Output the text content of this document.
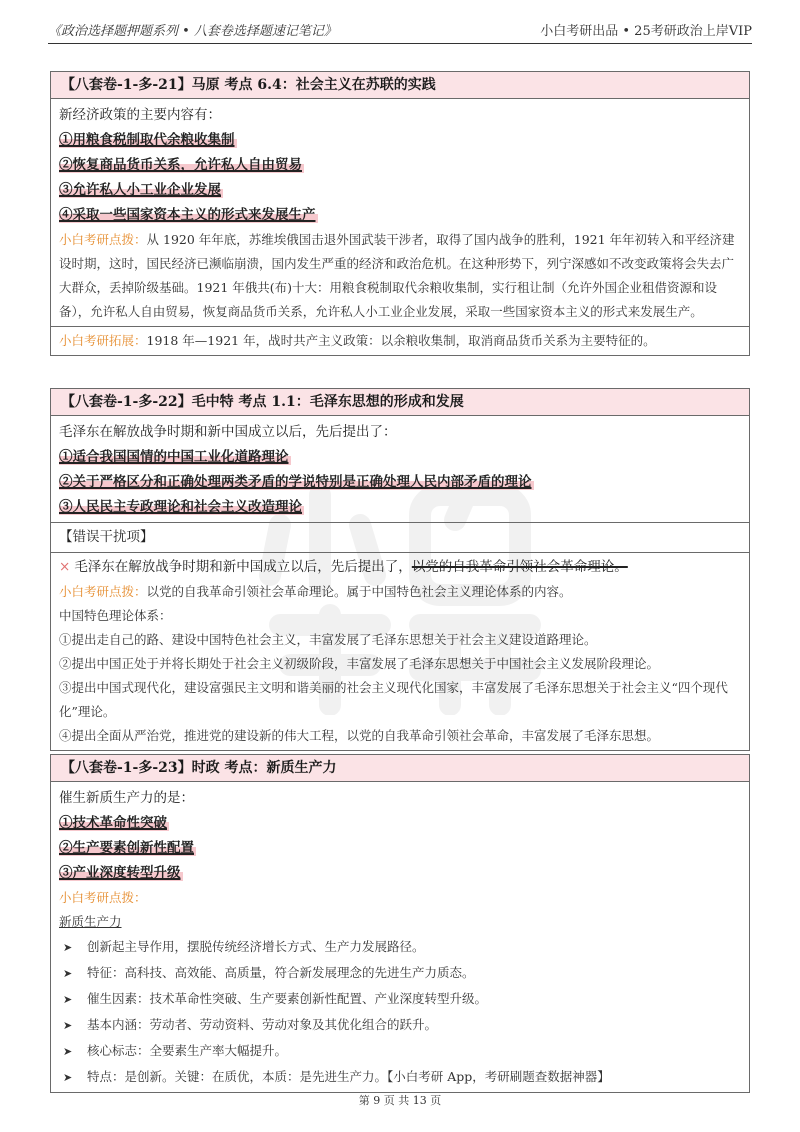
《政治选择题押题系列 • 八套卷选择题速记笔记》	小白考研出品 • 25考研政治上岸VIP
【八套卷-1-多-21】马原 考点 6.4：社会主义在苏联的实践
新经济政策的主要内容有：
①用粮食税制取代余粮收集制
②恢复商品货币关系，允许私人自由贸易
③允许私人小工业企业发展
④采取一些国家资本主义的形式来发展生产
小白考研点拨：从 1920 年年底，苏维埃俄国击退外国武装干涉者，取得了国内战争的胜利，1921 年年初转入和平经济建设时期，这时，国民经济已濒临崩溃，国内发生严重的经济和政治危机。在这种形势下，列宁深感如不改变政策将会失去广大群众，丢掉阶级基础。1921 年俄共(布)十大：用粮食税制取代余粮收集制，实行租让制（允许外国企业租借资源和设备），允许私人自由贸易，恢复商品货币关系，允许私人小工业企业发展，采取一些国家资本主义的形式来发展生产。
小白考研拓展：1918 年—1921 年，战时共产主义政策：以余粮收集制，取消商品货币关系为主要特征的。
【八套卷-1-多-22】毛中特 考点 1.1：毛泽东思想的形成和发展
毛泽东在解放战争时期和新中国成立以后，先后提出了：
①适合我国国情的中国工业化道路理论
②关于严格区分和正确处理两类矛盾的学说特别是正确处理人民内部矛盾的理论
③人民民主专政理论和社会主义改造理论
【错误干扰项】
× 毛泽东在解放战争时期和新中国成立以后，先后提出了，以党的自我革命引领社会革命理论。
小白考研点拨：以党的自我革命引领社会革命理论。属于中国特色社会主义理论体系的内容。
中国特色理论体系：
①提出走自己的路、建设中国特色社会主义，丰富发展了毛泽东思想关于社会主义建设道路理论。
②提出中国正处于并将长期处于社会主义初级阶段，丰富发展了毛泽东思想关于中国社会主义发展阶段理论。
③提出中国式现代化，建设富强民主文明和谐美丽的社会主义现代化国家，丰富发展了毛泽东思想关于社会主义“四个现代化”理论。
④提出全面从严治党，推进党的建设新的伟大工程，以党的自我革命引领社会革命，丰富发展了毛泽东思想。
【八套卷-1-多-23】时政 考点：新质生产力
催生新质生产力的是：
①技术革命性突破
②生产要素创新性配置
③产业深度转型升级
小白考研点拨：
新质生产力
➤ 创新起主导作用，摆脱传统经济增长方式、生产力发展路径。
➤ 特征：高科技、高效能、高质量，符合新发展理念的先进生产力质态。
➤ 催生因素：技术革命性突破、生产要素创新性配置、产业深度转型升级。
➤ 基本内涵：劳动者、劳动资料、劳动对象及其优化组合的跃升。
➤ 核心标志：全要素生产率大幅提升。
➤ 特点：是创新。关键：在质优，本质：是先进生产力。【小白考研 App，考研刷题查数据神器】
第 9 页 共 13 页
